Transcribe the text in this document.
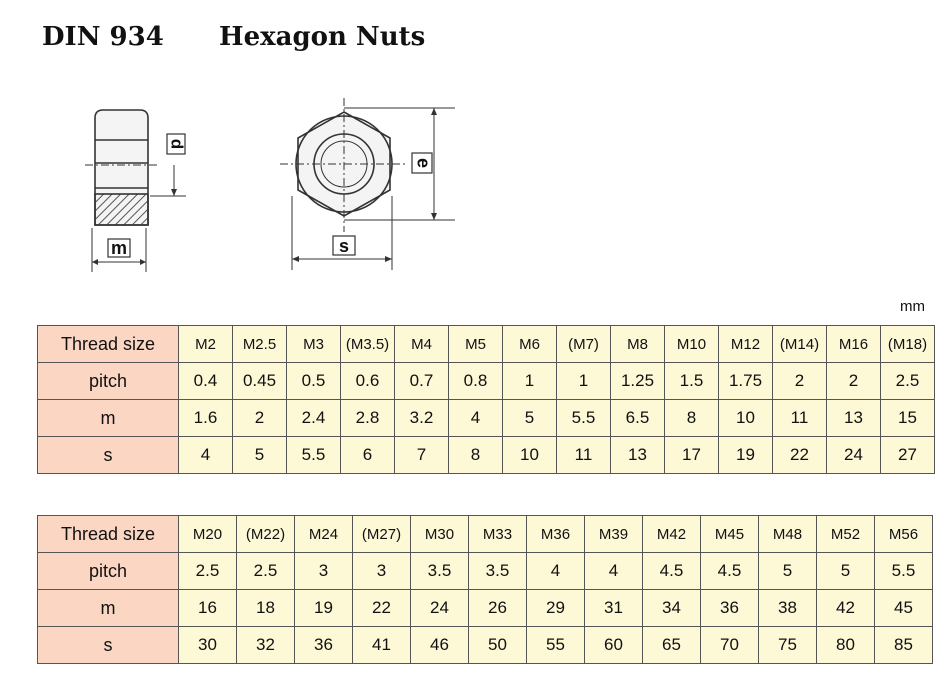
DIN 934 Hexagon Nuts
d
m
e
s
mm
Thread size	M2	M2.5	M3	(M3.5)	M4	M5	M6	(M7)	M8	M10	M12	(M14)	M16	(M18)
pitch	0.4	0.45	0.5	0.6	0.7	0.8	1	1	1.25	1.5	1.75	2	2	2.5
m	1.6	2	2.4	2.8	3.2	4	5	5.5	6.5	8	10	11	13	15
s	4	5	5.5	6	7	8	10	11	13	17	19	22	24	27
Thread size	M20	(M22)	M24	(M27)	M30	M33	M36	M39	M42	M45	M48	M52	M56
pitch	2.5	2.5	3	3	3.5	3.5	4	4	4.5	4.5	5	5	5.5
m	16	18	19	22	24	26	29	31	34	36	38	42	45
s	30	32	36	41	46	50	55	60	65	70	75	80	85
